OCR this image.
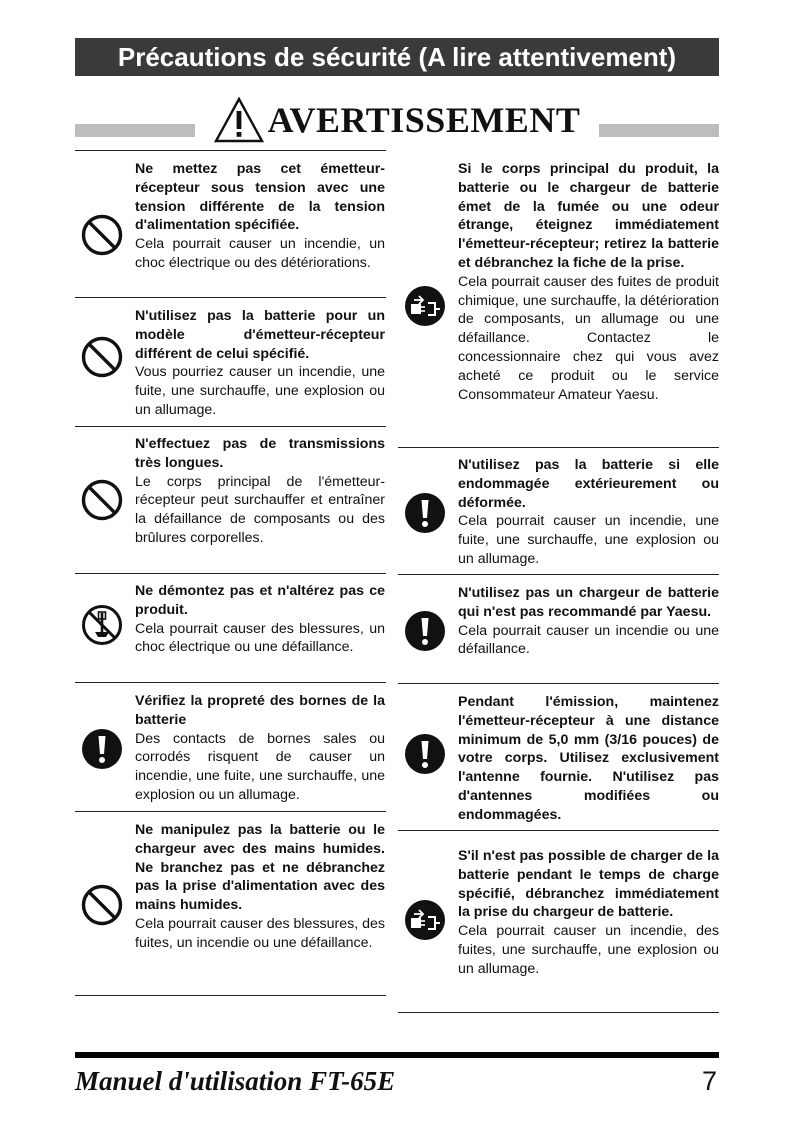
Précautions de sécurité (A lire attentivement)
AVERTISSEMENT
Ne mettez pas cet émetteur-récepteur sous tension avec une tension différente de la tension d'alimentation spécifiée.
Cela pourrait causer un incendie, un choc électrique ou des détériorations.
N'utilisez pas la batterie pour un modèle d'émetteur-récepteur différent de celui spécifié.
Vous pourriez causer un incendie, une fuite, une surchauffe, une explosion ou un allumage.
N'effectuez pas de transmissions très longues.
Le corps principal de l'émetteur-récepteur peut surchauffer et entraîner la défaillance de composants ou des brûlures corporelles.
Ne démontez pas et n'altérez pas ce produit.
Cela pourrait causer des blessures, un choc électrique ou une défaillance.
Vérifiez la propreté des bornes de la batterie
Des contacts de bornes sales ou corrodés risquent de causer un incendie, une fuite, une surchauffe, une explosion ou un allumage.
Ne manipulez pas la batterie ou le chargeur avec des mains humides. Ne branchez pas et ne débranchez pas la prise d'alimentation avec des mains humides.
Cela pourrait causer des blessures, des fuites, un incendie ou une défaillance.
Si le corps principal du produit, la batterie ou le chargeur de batterie émet de la fumée ou une odeur étrange, éteignez immédiatement l'émetteur-récepteur; retirez la batterie et débranchez la fiche de la prise.
Cela pourrait causer des fuites de produit chimique, une surchauffe, la détérioration de composants, un allumage ou une défaillance. Contactez le concessionnaire chez qui vous avez acheté ce produit ou le service Consommateur Amateur Yaesu.
N'utilisez pas la batterie si elle endommagée extérieurement ou déformée.
Cela pourrait causer un incendie, une fuite, une surchauffe, une explosion ou un allumage.
N'utilisez pas un chargeur de batterie qui n'est pas recommandé par Yaesu.
Cela pourrait causer un incendie ou une défaillance.
Pendant l'émission, maintenez l'émetteur-récepteur à une distance minimum de 5,0 mm (3/16 pouces) de votre corps. Utilisez exclusivement l'antenne fournie. N'utilisez pas d'antennes modifiées ou endommagées.
S'il n'est pas possible de charger de la batterie pendant le temps de charge spécifié, débranchez immédiatement la prise du chargeur de batterie.
Cela pourrait causer un incendie, des fuites, une surchauffe, une explosion ou un allumage.
Manuel d'utilisation FT-65E	7
